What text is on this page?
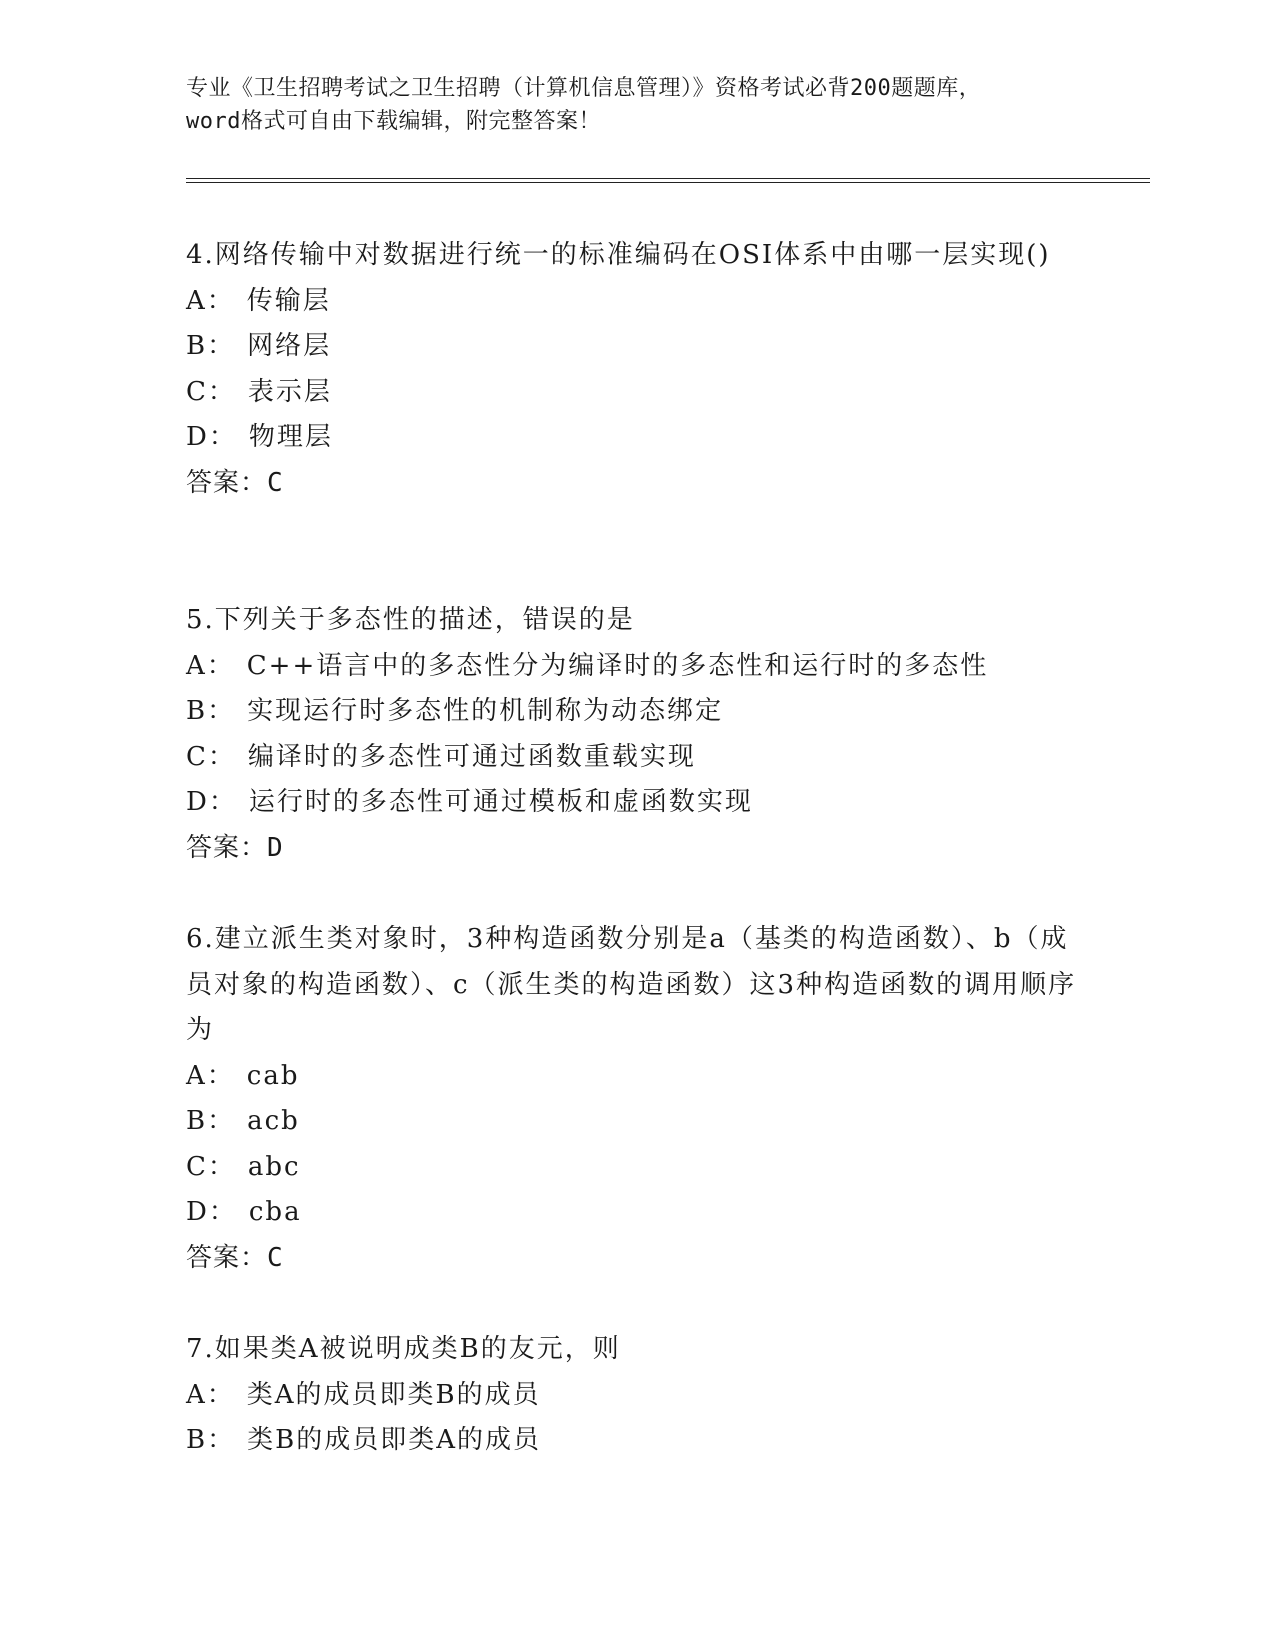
专业《卫生招聘考试之卫生招聘（计算机信息管理）》资格考试必背200题题库，
word格式可自由下载编辑，附完整答案！

4.网络传输中对数据进行统一的标准编码在OSI体系中由哪一层实现()

A： 传输层

B： 网络层

C： 表示层

D： 物理层

答案：C

5.下列关于多态性的描述，错误的是

A： C++语言中的多态性分为编译时的多态性和运行时的多态性

B： 实现运行时多态性的机制称为动态绑定

C： 编译时的多态性可通过函数重载实现

D： 运行时的多态性可通过模板和虚函数实现

答案：D

6.建立派生类对象时，3种构造函数分别是a（基类的构造函数）、b（成员对象的构造函数）、c（派生类的构造函数）这3种构造函数的调用顺序为

A： cab

B： acb

C： abc

D： cba

答案：C

7.如果类A被说明成类B的友元，则

A： 类A的成员即类B的成员

B： 类B的成员即类A的成员
